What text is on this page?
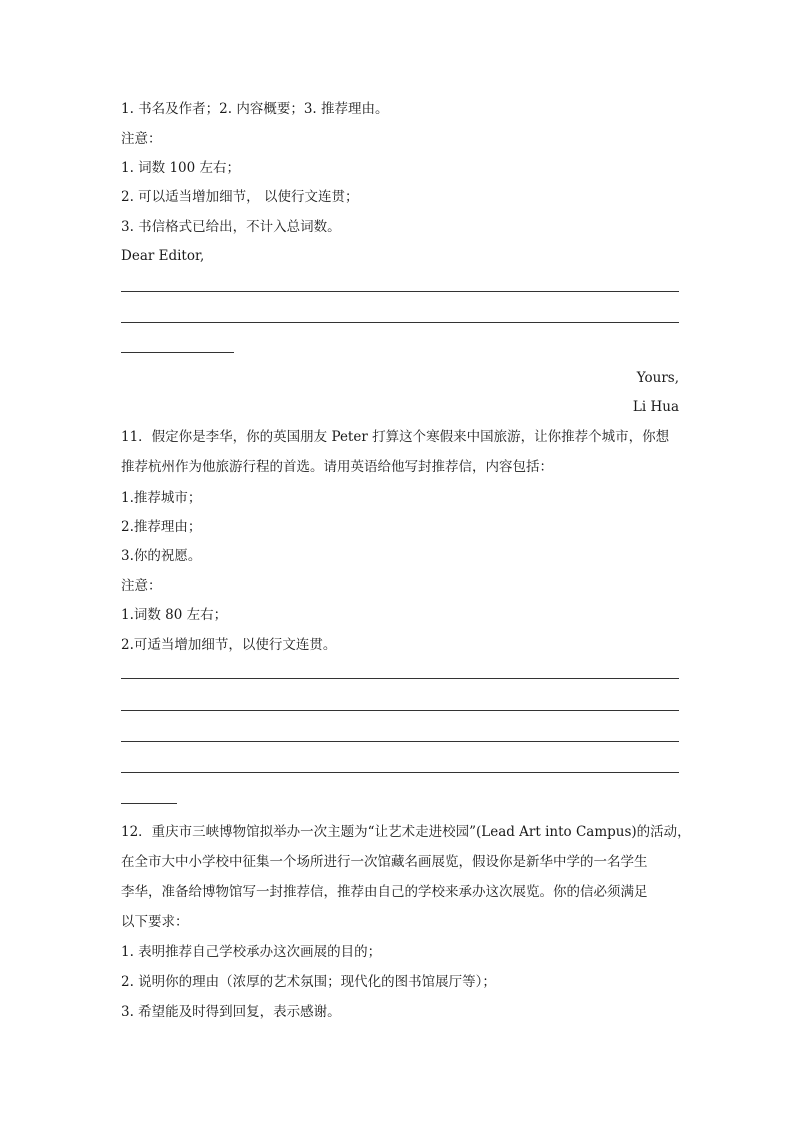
1. 书名及作者；2. 内容概要；3. 推荐理由。
注意：
1. 词数 100 左右；
2. 可以适当增加细节， 以使行文连贯；
3. 书信格式已给出，不计入总词数。
Dear Editor,
Yours,
Li Hua
11．假定你是李华，你的英国朋友 Peter 打算这个寒假来中国旅游，让你推荐个城市，你想
推荐杭州作为他旅游行程的首选。请用英语给他写封推荐信，内容包括：
1.推荐城市；
2.推荐理由；
3.你的祝愿。
注意：
1.词数 80 左右；
2.可适当增加细节，以使行文连贯。
12．重庆市三峡博物馆拟举办一次主题为“让艺术走进校园”(Lead Art into Campus)的活动，
在全市大中小学校中征集一个场所进行一次馆藏名画展览，假设你是新华中学的一名学生
李华，准备给博物馆写一封推荐信，推荐由自己的学校来承办这次展览。你的信必须满足
以下要求：
1. 表明推荐自己学校承办这次画展的目的；
2. 说明你的理由（浓厚的艺术氛围；现代化的图书馆展厅等）；
3. 希望能及时得到回复，表示感谢。
